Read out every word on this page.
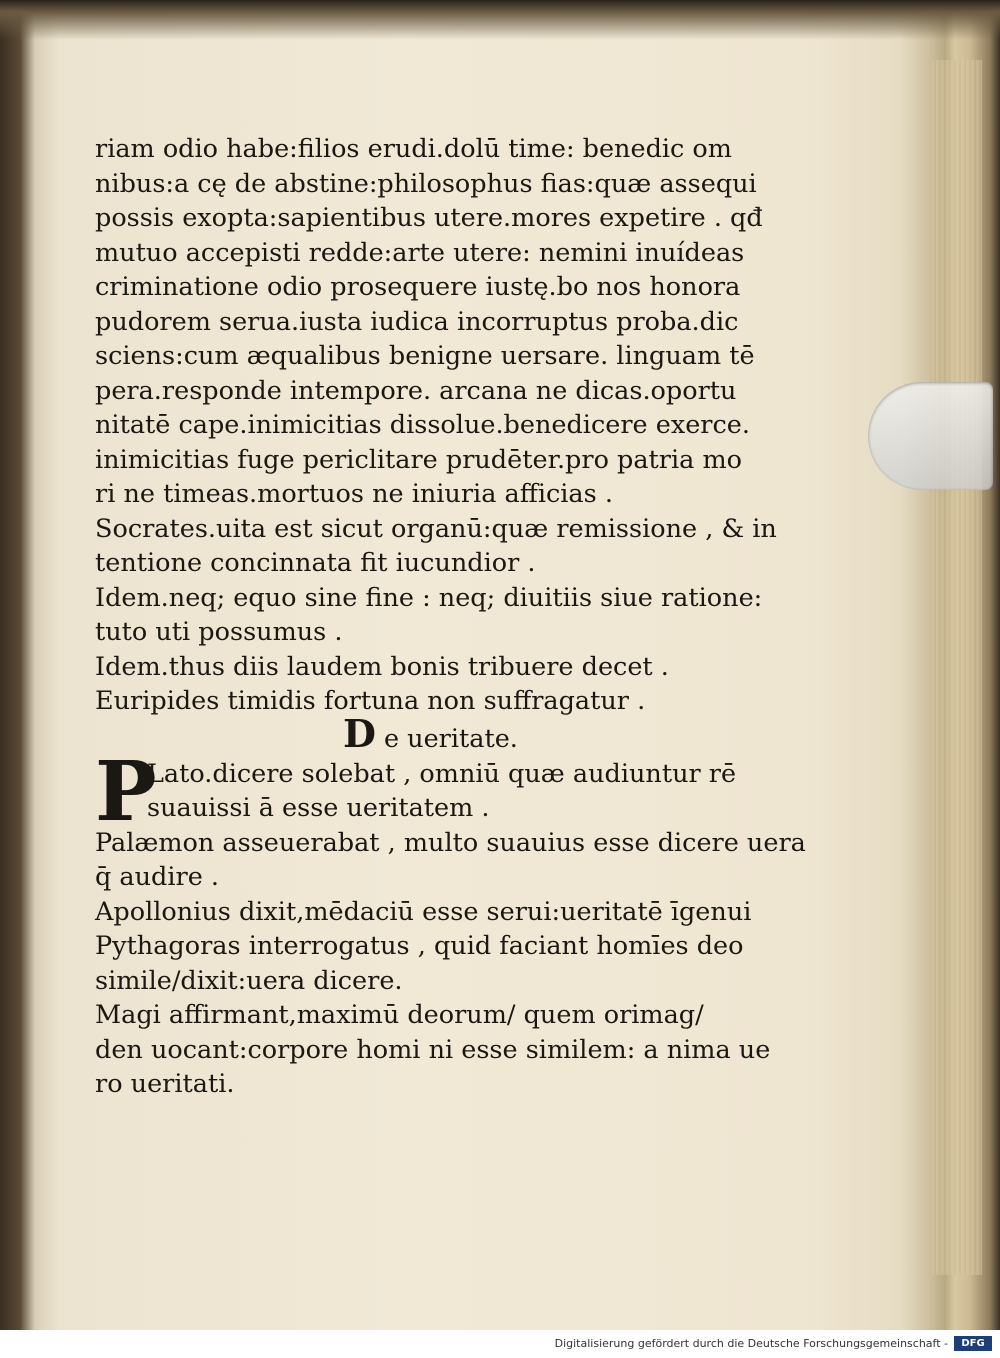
riam odio habe:filios erudi.dolū time: benedic om
nibus:a cę de abstine:philosophus fias:quæ assequi
possis exopta:sapientibus utere.mores expetire . qđ
mutuo accepisti redde:arte utere: nemini inuídeas
criminatione odio prosequere iustę.bo nos honora
pudorem serua.iusta iudica incorruptus proba.dic
sciens:cum æqualibus benigne uersare. linguam tē
pera.responde intempore. arcana ne dicas.oportu
nitatē cape.inimicitias dissolue.benedicere exerce.
inimicitias fuge periclitare prudēter.pro patria mo
ri ne timeas.mortuos ne iniuria afficias .
Socrates.uita est sicut organū:quæ remissione , & in
tentione concinnata fit iucundior .
Idem.neq; equo sine fine : neq; diuitiis siue ratione:
tuto uti possumus .
Idem.thus diis laudem bonis tribuere decet .
Euripides timidis fortuna non suffragatur .
D e ueritate.
P
Lato.dicere solebat , omniū quæ audiuntur rē
suauissi ā esse ueritatem .
Palæmon asseuerabat , multo suauius esse dicere uera
q̄ audire .
Apollonius dixit,mēdaciū esse serui:ueritatē īgenui
Pythagoras interrogatus , quid faciant homīes deo
simile/dixit:uera dicere.
Magi affirmant,maximū deorum/ quem orimag/
den uocant:corpore homi ni esse similem: a nima ue
ro ueritati.
Digitalisierung gefördert durch die Deutsche Forschungsgemeinschaft -	DFG
